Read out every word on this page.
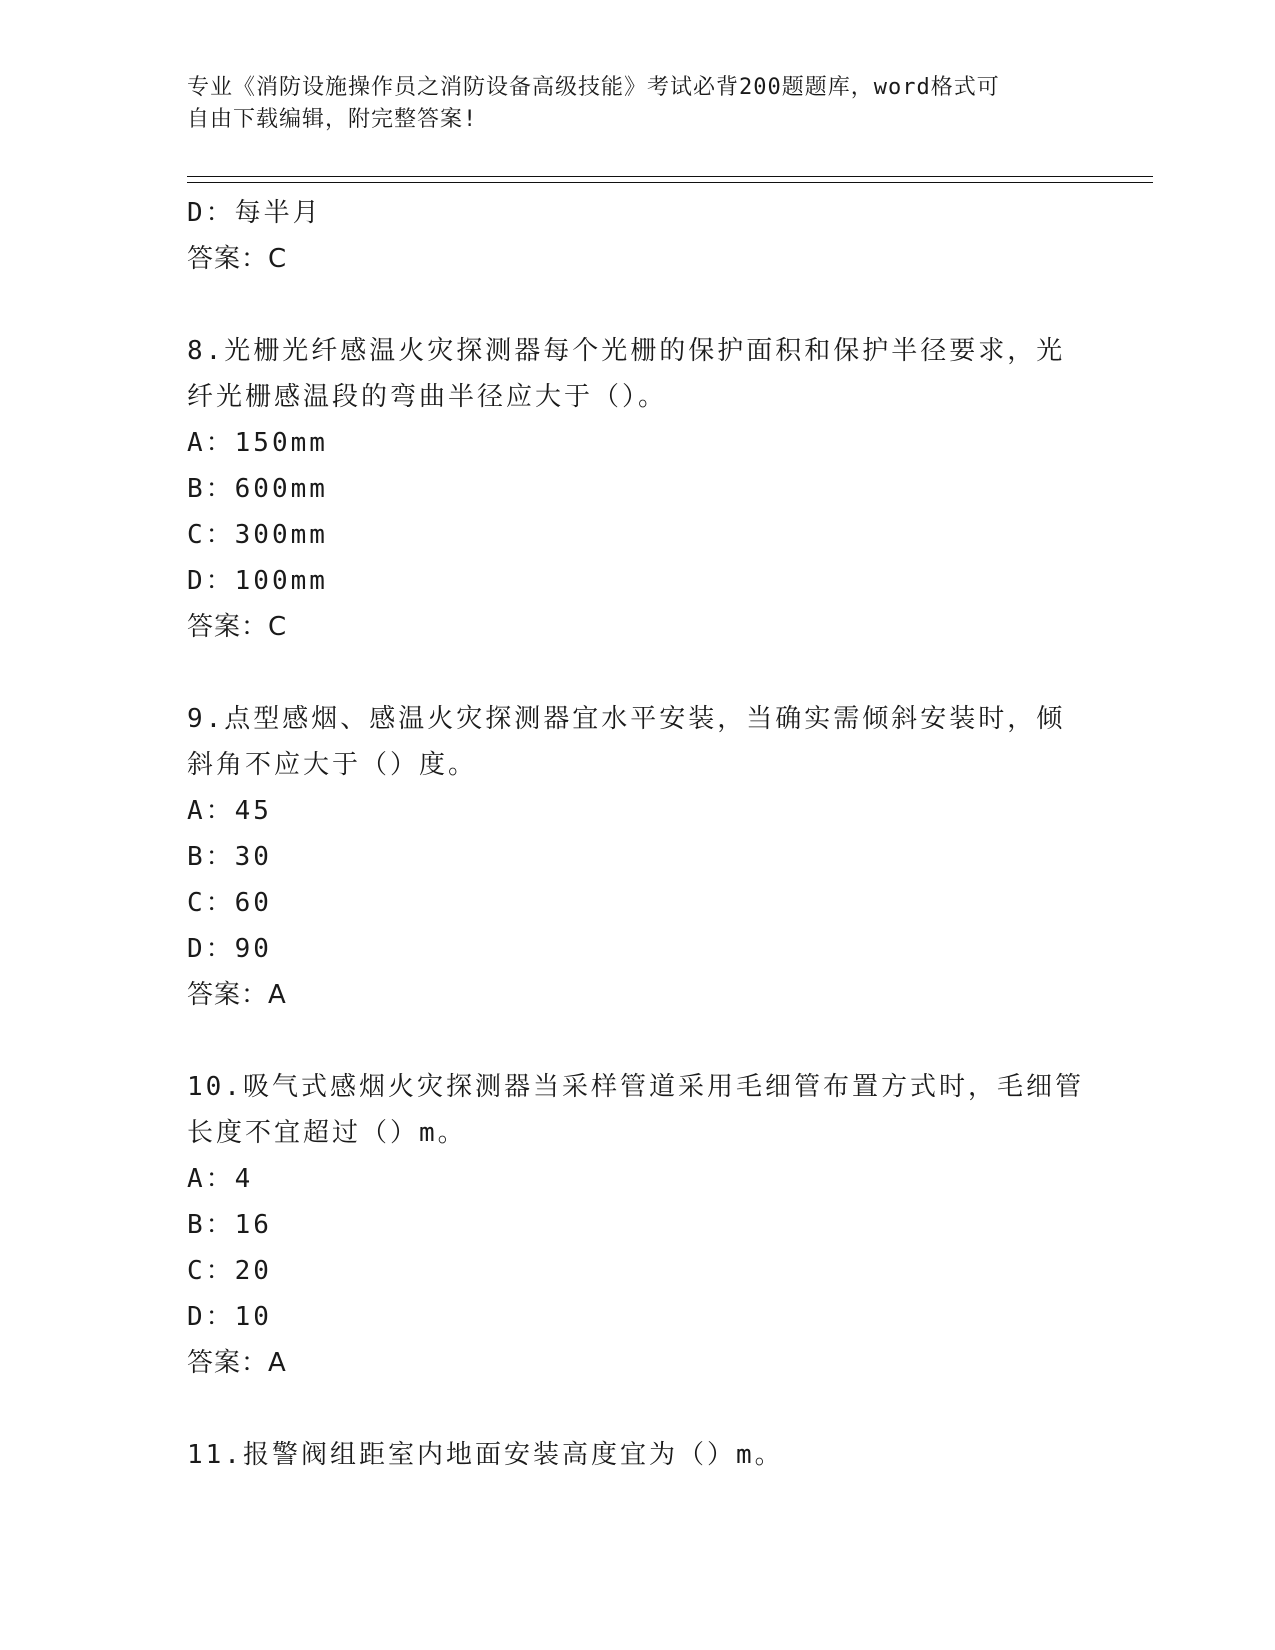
专业《消防设施操作员之消防设备高级技能》考试必背200题题库，word格式可
自由下载编辑，附完整答案!
D：每半月
答案：C
8.光栅光纤感温火灾探测器每个光栅的保护面积和保护半径要求，光
纤光栅感温段的弯曲半径应大于（）。
A：150mm
B：600mm
C：300mm
D：100mm
答案：C
9.点型感烟、感温火灾探测器宜水平安装，当确实需倾斜安装时，倾
斜角不应大于（）度。
A：45
B：30
C：60
D：90
答案：A
10.吸气式感烟火灾探测器当采样管道采用毛细管布置方式时，毛细管
长度不宜超过（）m。
A：4
B：16
C：20
D：10
答案：A
11.报警阀组距室内地面安装高度宜为（）m。
